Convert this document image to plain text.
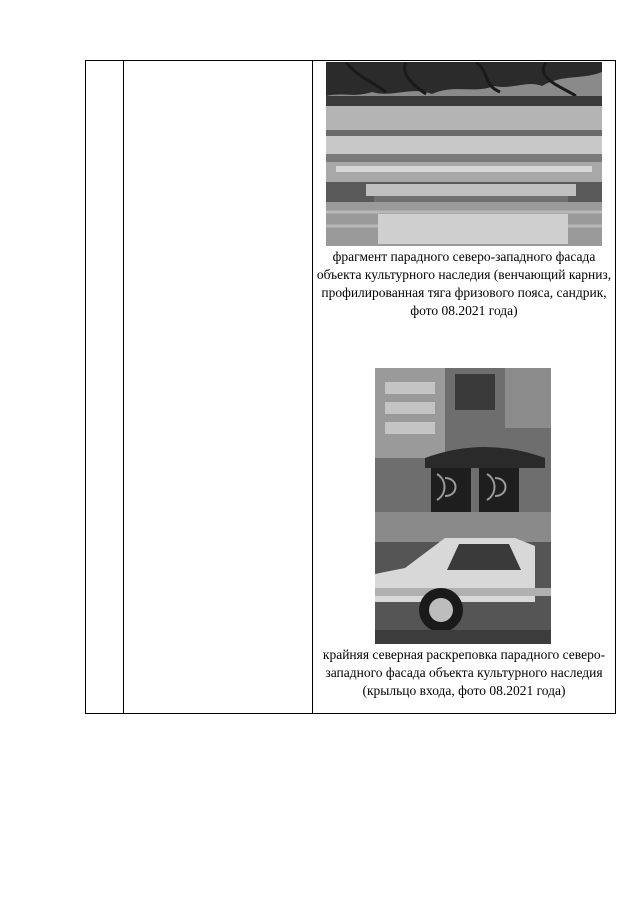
фрагмент парадного северо-западного фасада объекта культурного наследия (венчающий карниз, профилированная тяга фризового пояса, сандрик, фото 08.2021 года)
крайняя северная раскреповка парадного северо-западного фасада объекта культурного наследия (крыльцо входа, фото 08.2021 года)
